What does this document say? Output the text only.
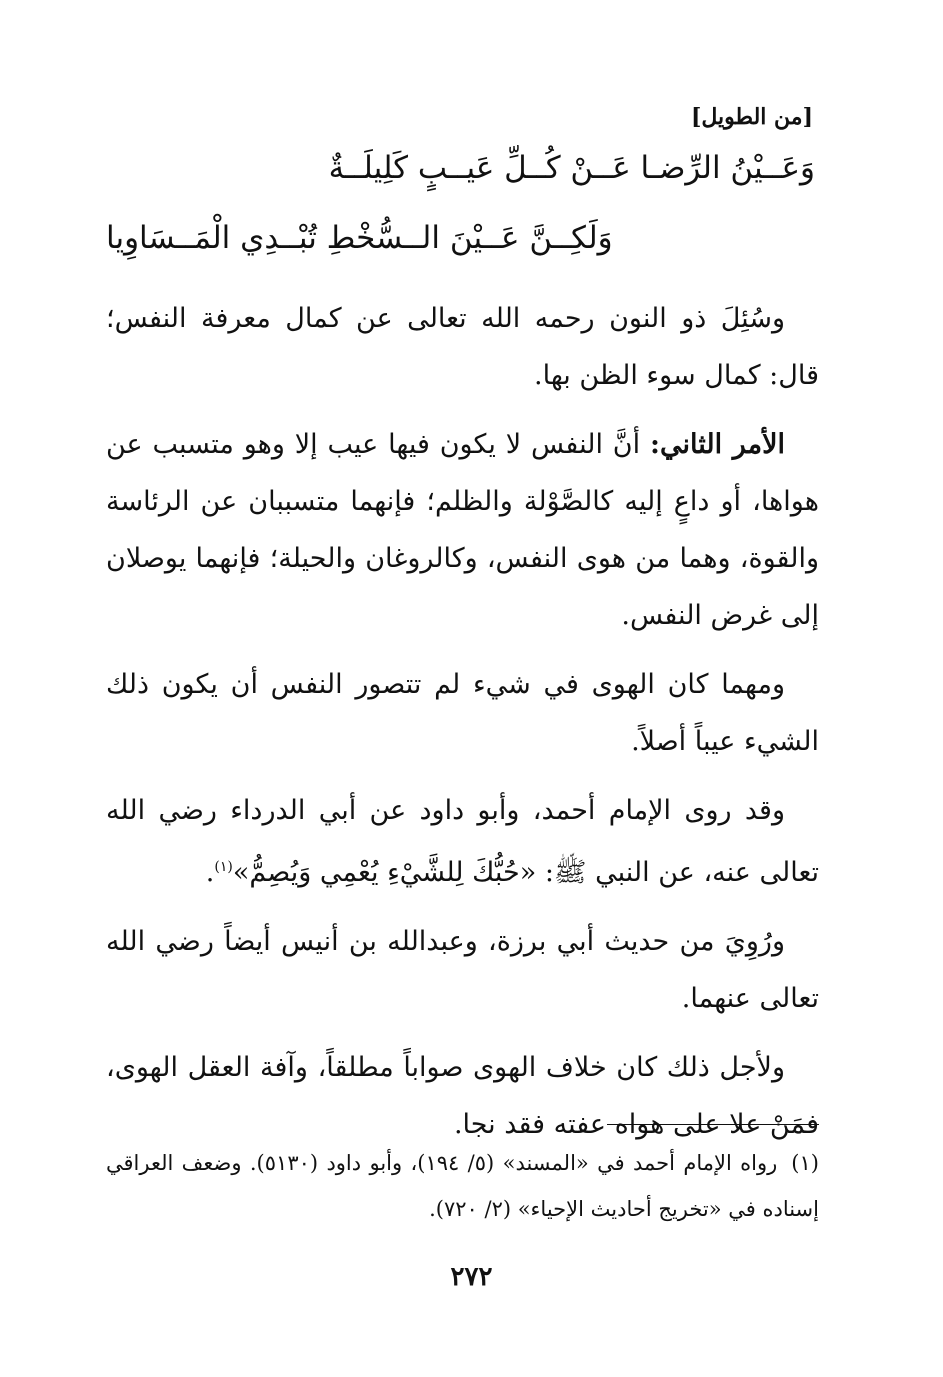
[من الطويل]
وَعَــيْنُ الرِّضـا عَــنْ كُــلِّ عَيــبٍ كَلِيلَــةٌ
وَلَكِــنَّ عَــيْنَ الــسُّخْطِ تُبْــدِي الْمَــسَاوِيا

وسُئِلَ ذو النون رحمه الله تعالى عن كمال معرفة النفس؛ قال: كمال سوء الظن بها.

الأمر الثاني: أنَّ النفس لا يكون فيها عيب إلا وهو متسبب عن هواها، أو داعٍ إليه كالصَّوْلة والظلم؛ فإنهما متسببان عن الرئاسة والقوة، وهما من هوى النفس، وكالروغان والحيلة؛ فإنهما يوصلان إلى غرض النفس.

ومهما كان الهوى في شيء لم تتصور النفس أن يكون ذلك الشيء عيباً أصلاً.

وقد روى الإمام أحمد، وأبو داود عن أبي الدرداء رضي الله تعالى عنه، عن النبي ﷺ: «حُبُّكَ لِلشَّيْءِ يُعْمِي وَيُصِمُّ»$^{(١)}$.

ورُوِيَ من حديث أبي برزة، وعبدالله بن أنيس أيضاً رضي الله تعالى عنهما.

ولأجل ذلك كان خلاف الهوى صواباً مطلقاً، وآفة العقل الهوى، فمَنْ علا على هواه عفته فقد نجا.

(١)رواه الإمام أحمد في «المسند» (٥/ ١٩٤)، وأبو داود (٥١٣٠). وضعف العراقي إسناده في «تخريج أحاديث الإحياء» (٢/ ٧٢٠).
٢٧٢
